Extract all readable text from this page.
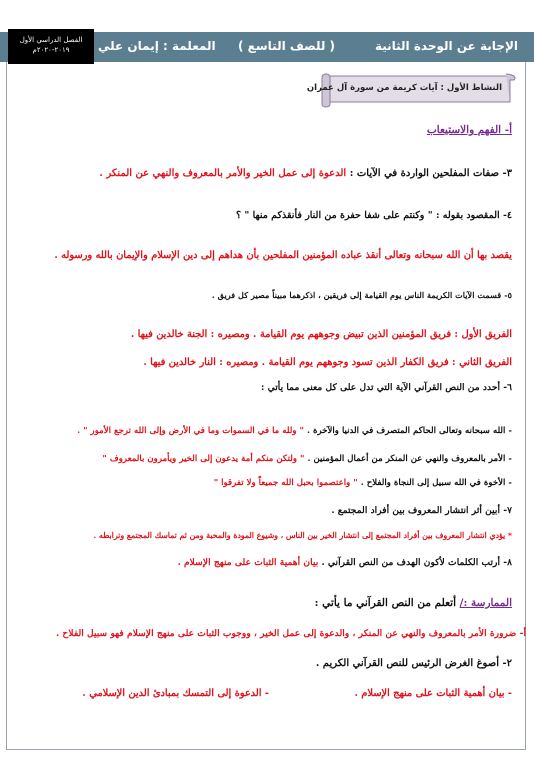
الإجابة عن الوحدة الثانية
( للصف التاسع )
المعلمة : إيمان علي
الفصل الدراسي الأول
٢٠١٩-٢٠٢٠م
النشاط الأول : آيات كريمة من سورة آل عمران
أ- الفهم والاستيعاب
٣- صفات المفلحين الواردة في الآيات : الدعوة إلى عمل الخير والأمر بالمعروف والنهي عن المنكر .
٤- المقصود بقوله : " وكنتم على شفا حفرة من النار فأنقذكم منها " ؟
يقصد بها أن الله سبحانه وتعالى أنقذ عباده المؤمنين المفلحين بأن هداهم إلى دين الإسلام والإيمان بالله ورسوله .
٥- قسمت الآيات الكريمة الناس يوم القيامة إلى فريقين ، اذكرهما مبيناً مصير كل فريق .
الفريق الأول : فريق المؤمنين الذين تبيض وجوههم يوم القيامة . ومصيره : الجنة خالدين فيها .
الفريق الثاني : فريق الكفار الذين تسود وجوههم يوم القيامة . ومصيره : النار خالدين فيها .
٦- أحدد من النص القرآني الآية التي تدل على كل معنى مما يأتي :
- الله سبحانه وتعالى الحاكم المتصرف في الدنيا والآخرة . " ولله ما في السموات وما في الأرض وإلى الله ترجع الأمور " .
- الأمر بالمعروف والنهي عن المنكر من أعمال المؤمنين . " ولتكن منكم أمة يدعون إلى الخير ويأمرون بالمعروف "
- الأخوة في الله سبيل إلى النجاة والفلاح . " واعتصموا بحبل الله جميعاً ولا تفرقوا "
٧- أبين أثر انتشار المعروف بين أفراد المجتمع .
* يؤدي انتشار المعروف بين أفراد المجتمع إلى انتشار الخير بين الناس ، وشيوع المودة والمحبة ومن ثم تماسك المجتمع وترابطه .
٨- أرتب الكلمات لأكون الهدف من النص القرآني . بيان أهمية الثبات على منهج الإسلام .
الممارسة :/ أتعلم من النص القرآني ما يأتي :
أ- ضرورة الأمر بالمعروف والنهي عن المنكر ، والدعوة إلى عمل الخير ، ووجوب الثبات على منهج الإسلام فهو سبيل الفلاح .
٢- أصوغ الغرض الرئيس للنص القرآني الكريم .
- بيان أهمية الثبات على منهج الإسلام .
- الدعوة إلى التمسك بمبادئ الدين الإسلامي .
